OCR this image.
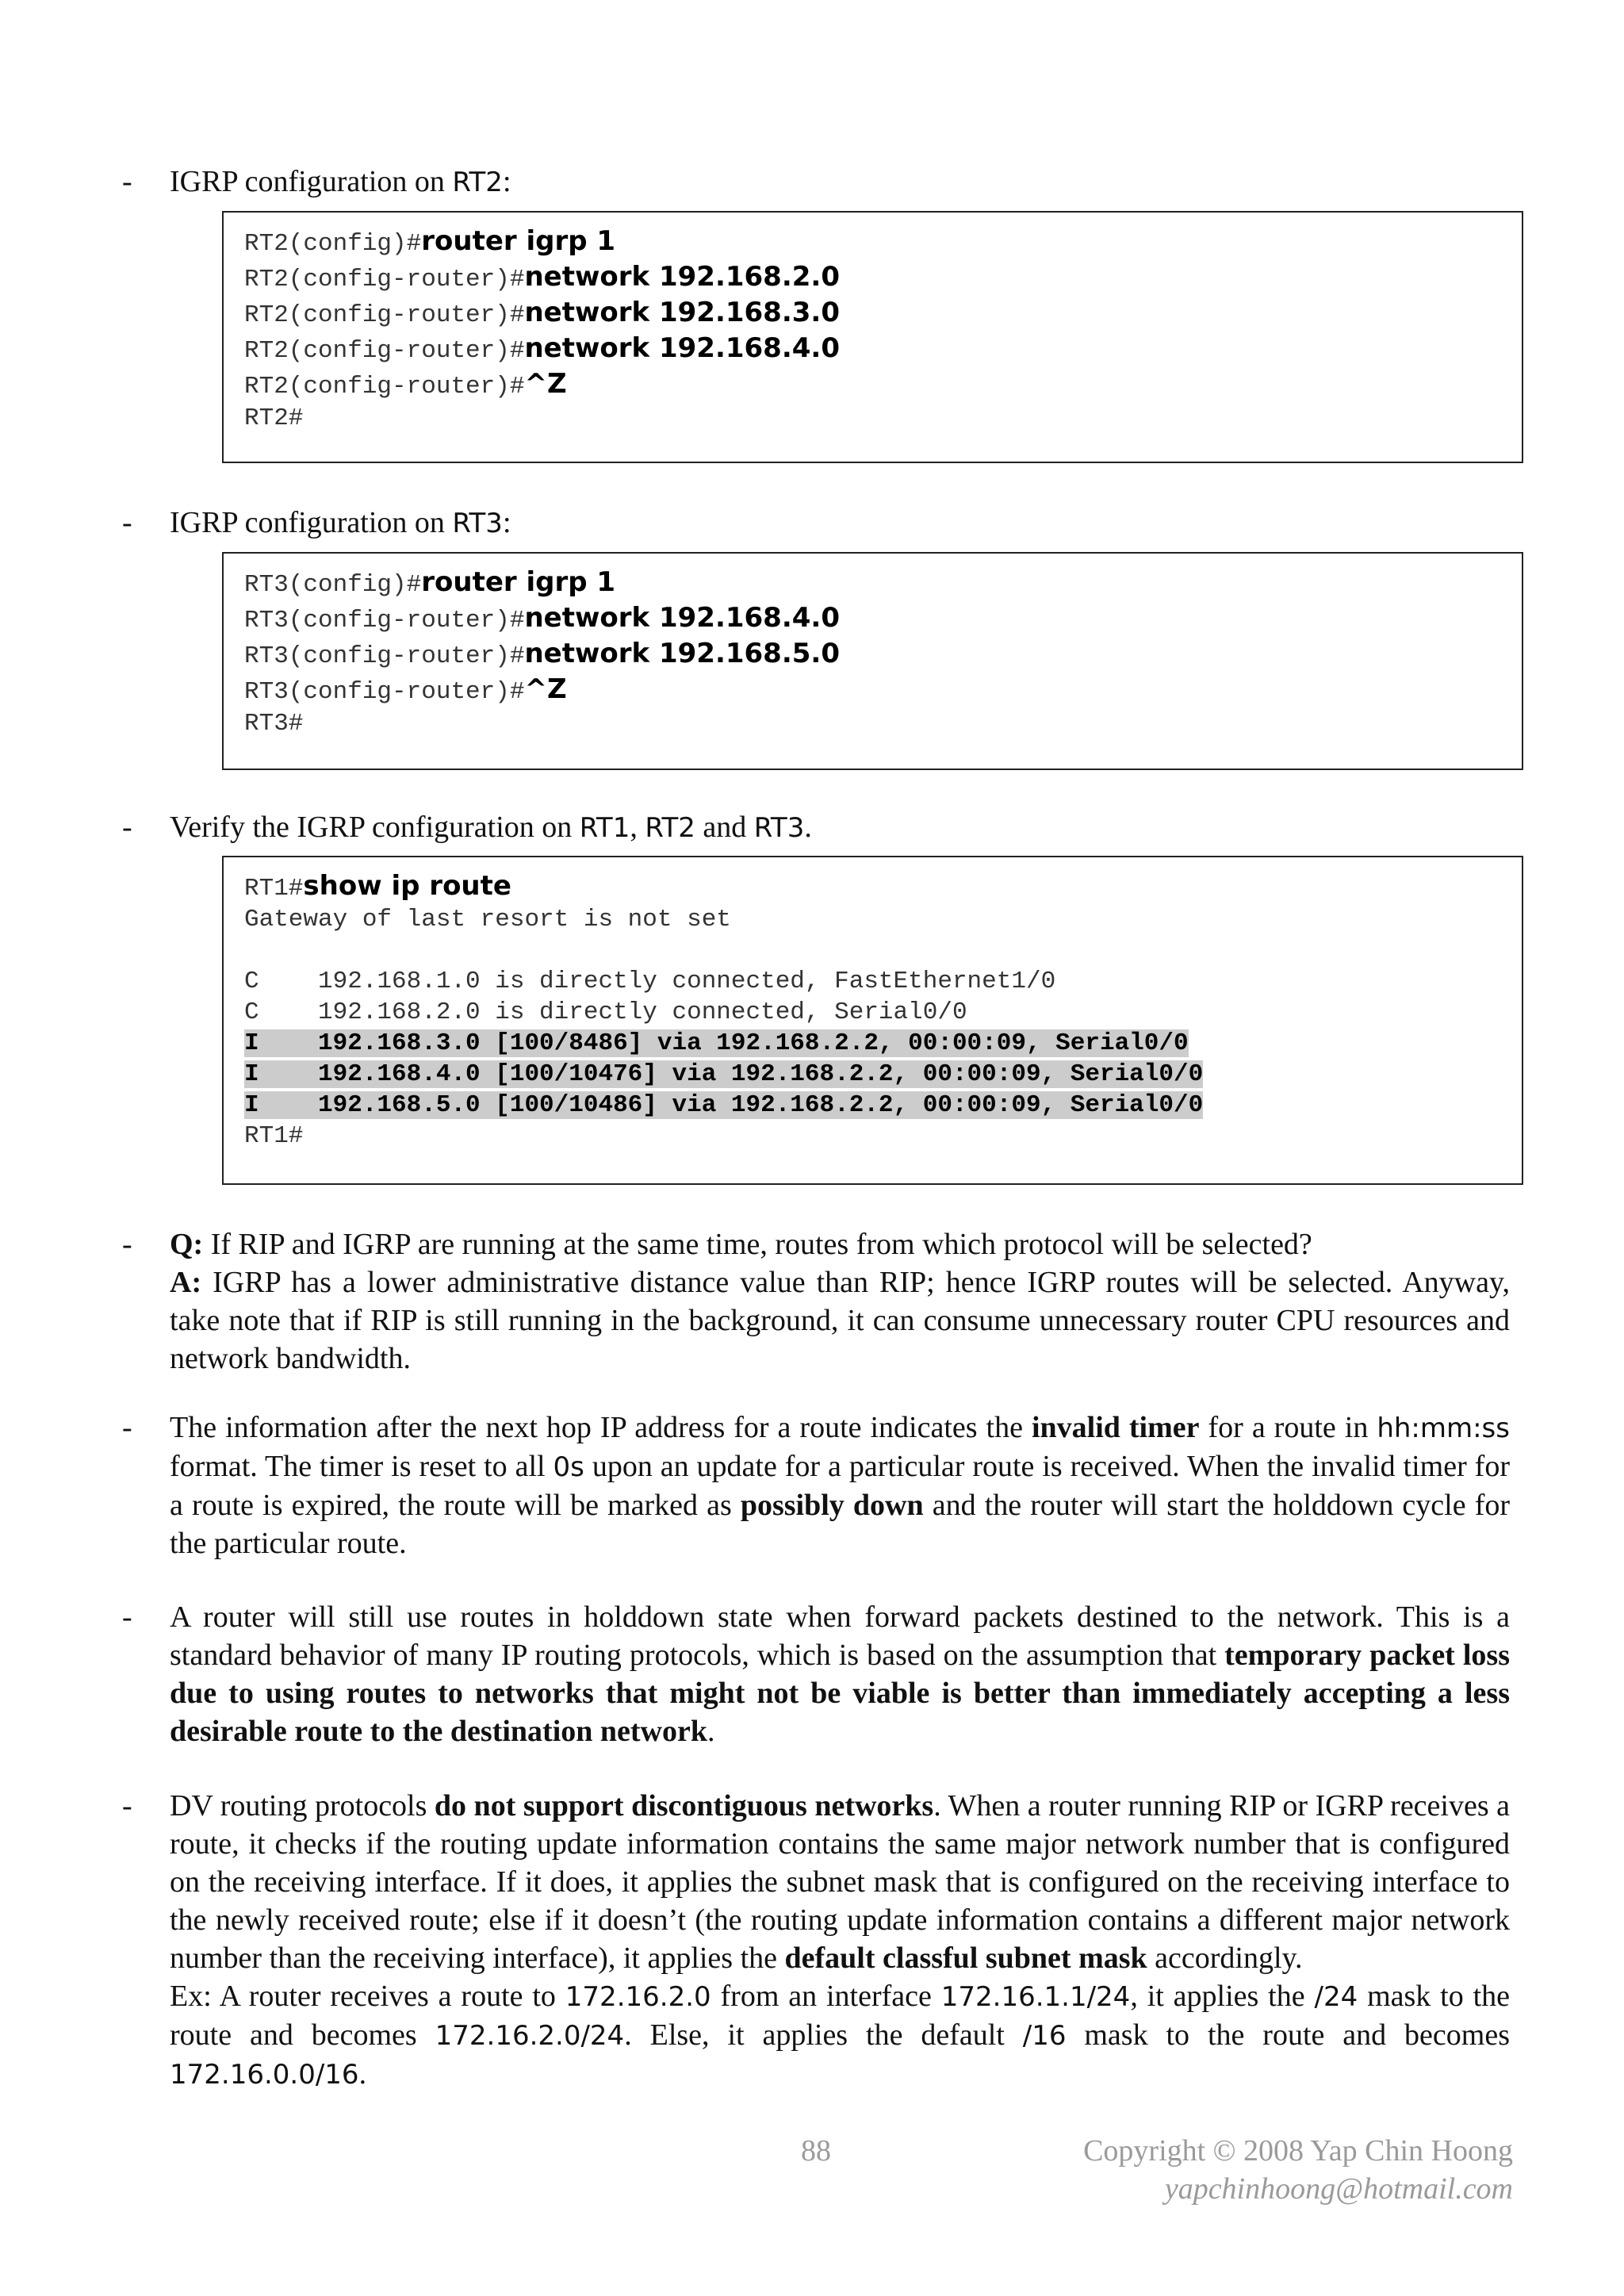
- IGRP configuration on RT2:
RT2(config)#router igrp 1
RT2(config-router)#network 192.168.2.0
RT2(config-router)#network 192.168.3.0
RT2(config-router)#network 192.168.4.0
RT2(config-router)#^Z
RT2#
- IGRP configuration on RT3:
RT3(config)#router igrp 1
RT3(config-router)#network 192.168.4.0
RT3(config-router)#network 192.168.5.0
RT3(config-router)#^Z
RT3#
- Verify the IGRP configuration on RT1, RT2 and RT3.
RT1#show ip route
Gateway of last resort is not set
C    192.168.1.0 is directly connected, FastEthernet1/0
C    192.168.2.0 is directly connected, Serial0/0
I    192.168.3.0 [100/8486] via 192.168.2.2, 00:00:09, Serial0/0
I    192.168.4.0 [100/10476] via 192.168.2.2, 00:00:09, Serial0/0
I    192.168.5.0 [100/10486] via 192.168.2.2, 00:00:09, Serial0/0
RT1#
- Q: If RIP and IGRP are running at the same time, routes from which protocol will be selected?

A: IGRP has a lower administrative distance value than RIP; hence IGRP routes will be selected. Anyway, take note that if RIP is still running in the background, it can consume unnecessary router CPU resources and network bandwidth.

- The information after the next hop IP address for a route indicates the invalid timer for a route in hh:mm:ss format. The timer is reset to all 0s upon an update for a particular route is received. When the invalid timer for a route is expired, the route will be marked as possibly down and the router will start the holddown cycle for the particular route.

- A router will still use routes in holddown state when forward packets destined to the network. This is a standard behavior of many IP routing protocols, which is based on the assumption that temporary packet loss due to using routes to networks that might not be viable is better than immediately accepting a less desirable route to the destination network.

- DV routing protocols do not support discontiguous networks. When a router running RIP or IGRP receives a route, it checks if the routing update information contains the same major network number that is configured on the receiving interface. If it does, it applies the subnet mask that is configured on the receiving interface to the newly received route; else if it doesn’t (the routing update information contains a different major network number than the receiving interface), it applies the default classful subnet mask accordingly.

Ex: A router receives a route to 172.16.2.0 from an interface 172.16.1.1/24, it applies the /24 mask to the route and becomes 172.16.2.0/24. Else, it applies the default /16 mask to the route and becomes 172.16.0.0/16.

88	Copyright © 2008 Yap Chin Hoong
yapchinhoong@hotmail.com
